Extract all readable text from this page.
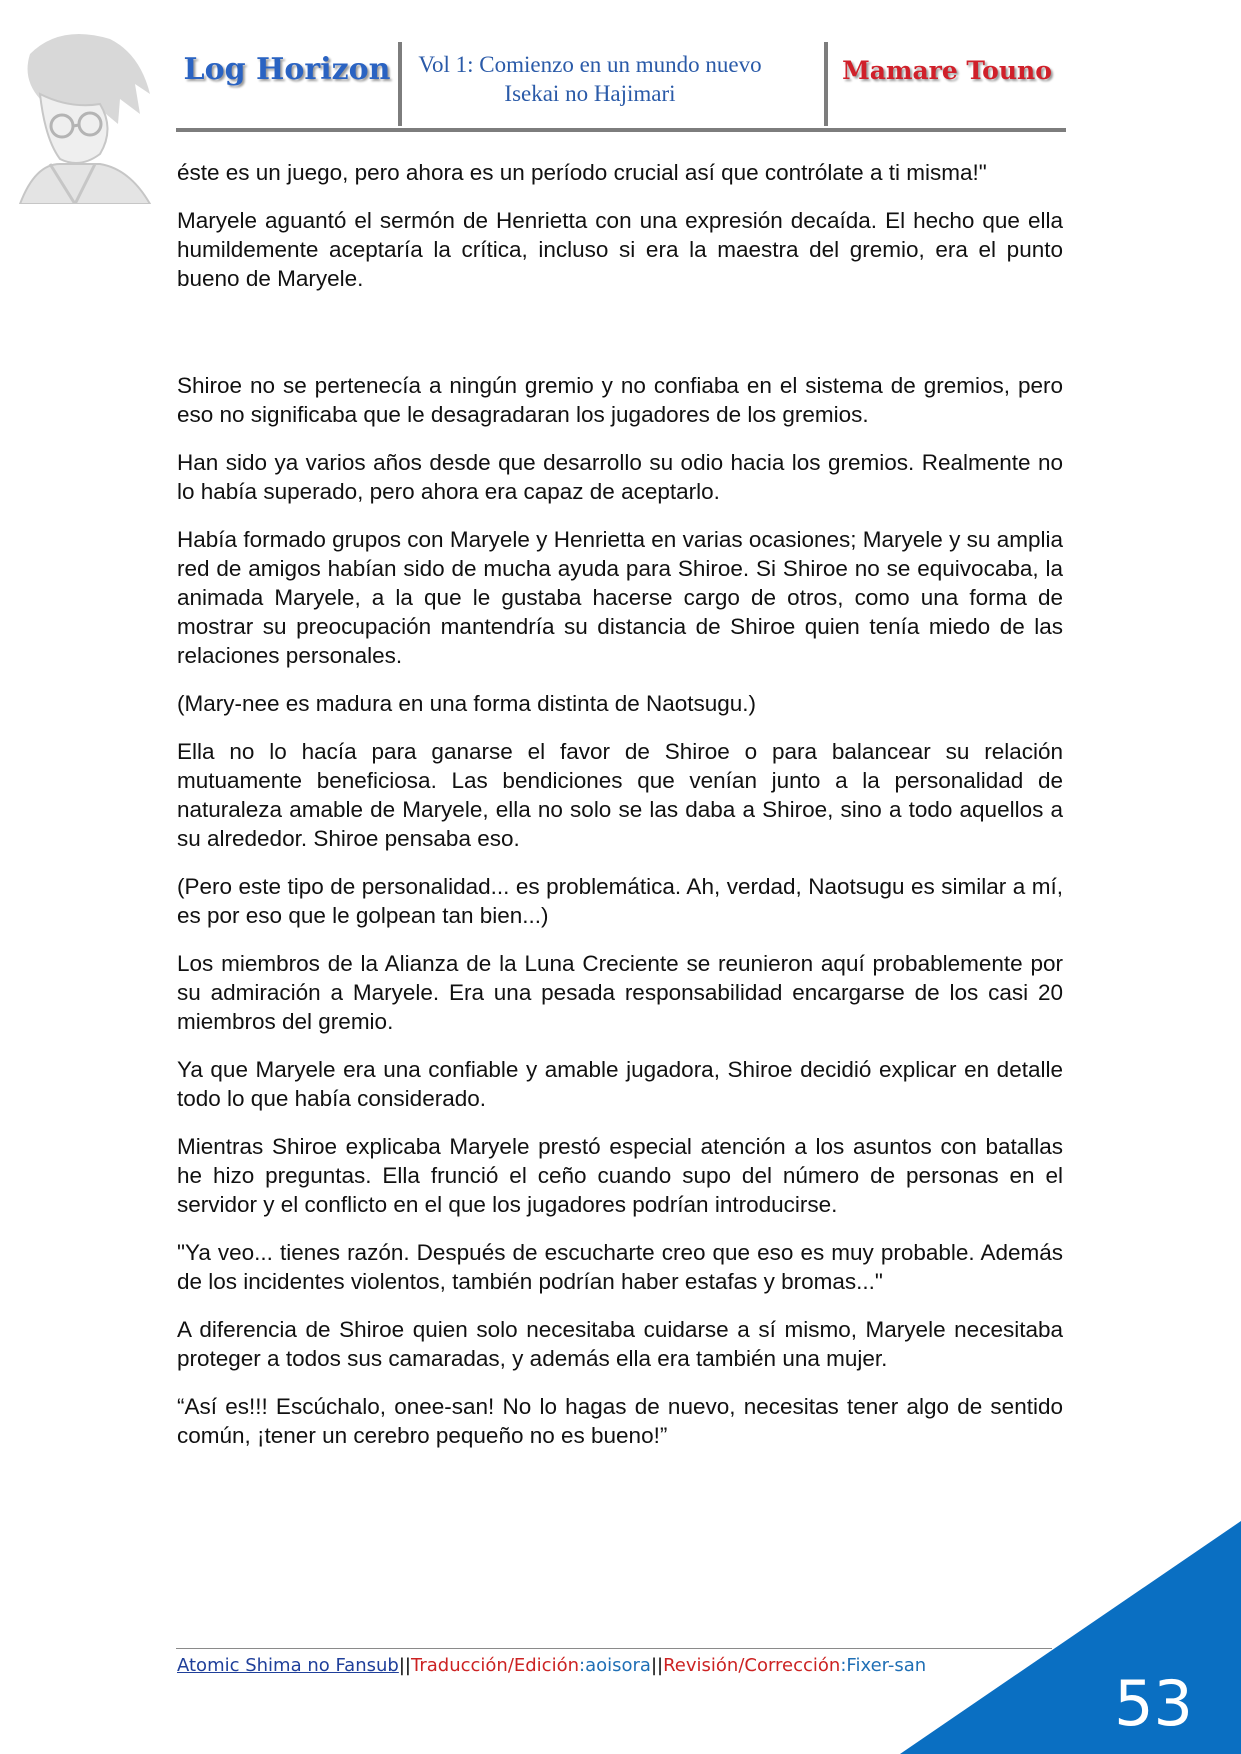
Log Horizon	Vol 1: Comienzo en un mundo nuevo
Isekai no Hajimari
Mamare Touno

éste es un juego, pero ahora es un período crucial así que contrólate a ti misma!"

Maryele aguantó el sermón de Henrietta con una expresión decaída. El hecho que ella humildemente aceptaría la crítica, incluso si era la maestra del gremio, era el punto bueno de Maryele.

Shiroe no se pertenecía a ningún gremio y no confiaba en el sistema de gremios, pero eso no significaba que le desagradaran los jugadores de los gremios.

Han sido ya varios años desde que desarrollo su odio hacia los gremios. Realmente no lo había superado, pero ahora era capaz de aceptarlo.

Había formado grupos con Maryele y Henrietta en varias ocasiones; Maryele y su amplia red de amigos habían sido de mucha ayuda para Shiroe. Si Shiroe no se equivocaba, la animada Maryele, a la que le gustaba hacerse cargo de otros, como una forma de mostrar su preocupación mantendría su distancia de Shiroe quien tenía miedo de las relaciones personales.

(Mary-nee es madura en una forma distinta de Naotsugu.)

Ella no lo hacía para ganarse el favor de Shiroe o para balancear su relación mutuamente beneficiosa. Las bendiciones que venían junto a la personalidad de naturaleza amable de Maryele, ella no solo se las daba a Shiroe, sino a todo aquellos a su alrededor. Shiroe pensaba eso.

(Pero este tipo de personalidad... es problemática. Ah, verdad, Naotsugu es similar a mí, es por eso que le golpean tan bien...)

Los miembros de la Alianza de la Luna Creciente se reunieron aquí probablemente por su admiración a Maryele. Era una pesada responsabilidad encargarse de los casi 20 miembros del gremio.

Ya que Maryele era una confiable y amable jugadora, Shiroe decidió explicar en detalle todo lo que había considerado.

Mientras Shiroe explicaba Maryele prestó especial atención a los asuntos con batallas he hizo preguntas. Ella frunció el ceño cuando supo del número de personas en el servidor y el conflicto en el que los jugadores podrían introducirse.

"Ya veo... tienes razón. Después de escucharte creo que eso es muy probable. Además de los incidentes violentos, también podrían haber estafas y bromas..."

A diferencia de Shiroe quien solo necesitaba cuidarse a sí mismo, Maryele necesitaba proteger a todos sus camaradas, y además ella era también una mujer.

“Así es!!! Escúchalo, onee-san! No lo hagas de nuevo, necesitas tener algo de sentido común, ¡tener un cerebro pequeño no es bueno!”

Atomic Shima no Fansub||Traducción/Edición:aoisora||Revisión/Corrección:Fixer-san
53
